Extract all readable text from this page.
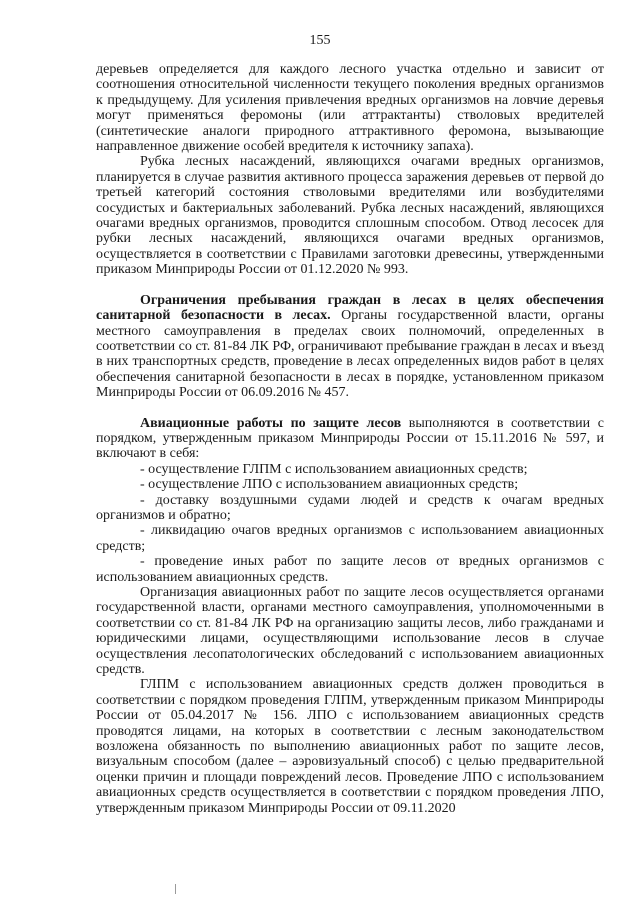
155

деревьев определяется для каждого лесного участка отдельно и зависит от соотношения относительной численности текущего поколения вредных организмов к предыдущему. Для усиления привлечения вредных организмов на ловчие деревья могут применяться феромоны (или аттрактанты) стволовых вредителей (синтетические аналоги природного аттрактивного феромона, вызывающие направленное движение особей вредителя к источнику запаха).

Рубка лесных насаждений, являющихся очагами вредных организмов, планируется в случае развития активного процесса заражения деревьев от первой до третьей категорий состояния стволовыми вредителями или возбудителями сосудистых и бактериальных заболеваний. Рубка лесных насаждений, являющихся очагами вредных организмов, проводится сплошным способом. Отвод лесосек для рубки лесных насаждений, являющихся очагами вредных организмов, осуществляется в соответствии с Правилами заготовки древесины, утвержденными приказом Минприроды России от 01.12.2020 № 993.

Ограничения пребывания граждан в лесах в целях обеспечения санитарной безопасности в лесах. Органы государственной власти, органы местного самоуправления в пределах своих полномочий, определенных в соответствии со ст. 81-84 ЛК РФ, ограничивают пребывание граждан в лесах и въезд в них транспортных средств, проведение в лесах определенных видов работ в целях обеспечения санитарной безопасности в лесах в порядке, установленном приказом Минприроды России от 06.09.2016 № 457.

Авиационные работы по защите лесов выполняются в соответствии с порядком, утвержденным приказом Минприроды России от 15.11.2016 № 597, и включают в себя:

- осуществление ГЛПМ с использованием авиационных средств;

- осуществление ЛПО с использованием авиационных средств;

- доставку воздушными судами людей и средств к очагам вредных организмов и обратно;

- ликвидацию очагов вредных организмов с использованием авиационных средств;

- проведение иных работ по защите лесов от вредных организмов с использованием авиационных средств.

Организация авиационных работ по защите лесов осуществляется органами государственной власти, органами местного самоуправления, уполномоченными в соответствии со ст. 81-84 ЛК РФ на организацию защиты лесов, либо гражданами и юридическими лицами, осуществляющими использование лесов в случае осуществления лесопатологических обследований с использованием авиационных средств.

ГЛПМ с использованием авиационных средств должен проводиться в соответствии с порядком проведения ГЛПМ, утвержденным приказом Минприроды России от 05.04.2017 № 156. ЛПО с использованием авиационных средств проводятся лицами, на которых в соответствии с лесным законодательством возложена обязанность по выполнению авиационных работ по защите лесов, визуальным способом (далее – аэровизуальный способ) с целью предварительной оценки причин и площади повреждений лесов. Проведение ЛПО с использованием авиационных средств осуществляется в соответствии с порядком проведения ЛПО, утвержденным приказом Минприроды России от 09.11.2020
